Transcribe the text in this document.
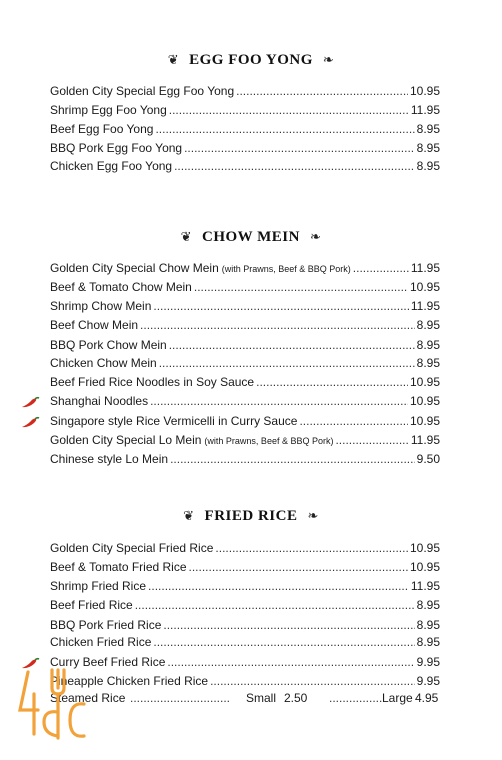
❦ EGG FOO YONG ❧
❦ CHOW MEIN ❧
❦ FRIED RICE ❧
Golden City Special Egg Foo Yong .....	10.95
Shrimp Egg Foo Yong .....	11.95
Beef Egg Foo Yong .....	8.95
BBQ Pork Egg Foo Yong .....	8.95
Chicken Egg Foo Yong .....	8.95
Golden City Special Chow Mein (with Prawns, Beef & BBQ Pork) .....	11.95
Beef & Tomato Chow Mein .....	10.95
Shrimp Chow Mein .....	11.95
Beef Chow Mein .....	8.95
BBQ Pork Chow Mein .....	8.95
Chicken Chow Mein .....	8.95
Beef Fried Rice Noodles in Soy Sauce .....	10.95
Shanghai Noodles .....	10.95
Singapore style Rice Vermicelli in Curry Sauce .....	10.95
Golden City Special Lo Mein (with Prawns, Beef & BBQ Pork) .....	11.95
Chinese style Lo Mein .....	9.50
Golden City Special Fried Rice .....	10.95
Beef & Tomato Fried Rice .....	10.95
Shrimp Fried Rice .....	11.95
Beef Fried Rice .....	8.95
BBQ Pork Fried Rice .....	8.95
Chicken Fried Rice .....	8.95
Curry Beef Fried Rice .....	9.95
Pineapple Chicken Fried Rice .....	9.95
Steamed Rice .............................. Small 2.50 ................ Large 4.95
